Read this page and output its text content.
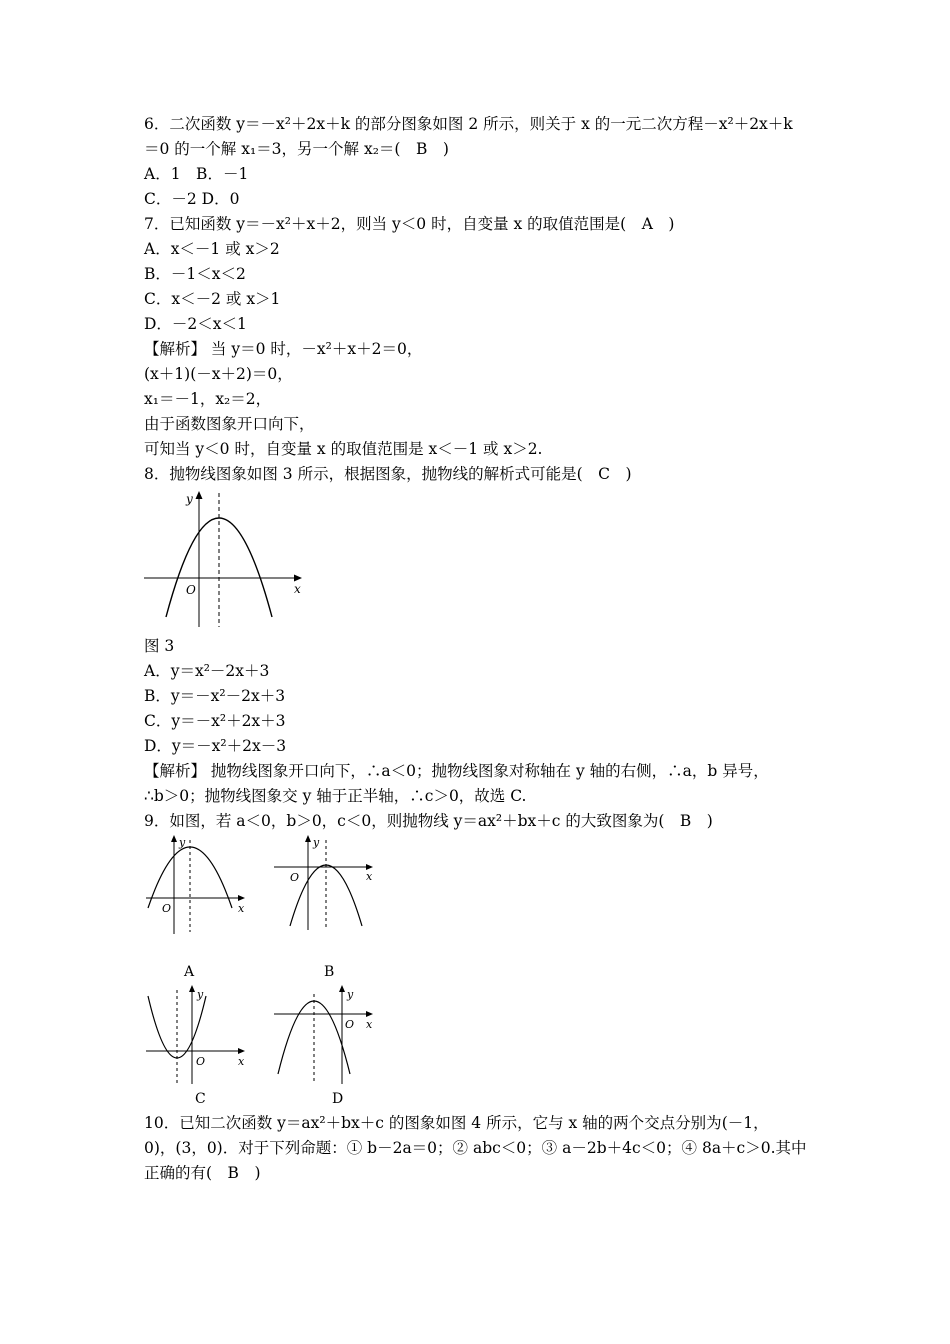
6．二次函数 y＝－x²＋2x＋k 的部分图象如图 2 所示，则关于 x 的一元二次方程－x²＋2x＋k
＝0 的一个解 x₁＝3，另一个解 x₂＝(　B　)
A．1　B．－1
C．－2 D．0
7．已知函数 y＝－x²＋x＋2，则当 y＜0 时，自变量 x 的取值范围是(　A　)
A．x＜－1 或 x＞2
B．－1＜x＜2
C．x＜－2 或 x＞1
D．－2＜x＜1
【解析】 当 y＝0 时，－x²＋x＋2＝0，
(x＋1)(－x＋2)＝0，
x₁＝－1，x₂＝2，
由于函数图象开口向下，
可知当 y＜0 时，自变量 x 的取值范围是 x＜－1 或 x＞2.
8．抛物线图象如图 3 所示，根据图象，抛物线的解析式可能是(　C　)
y
x
O
图 3
A．y＝x²－2x＋3
B．y＝－x²－2x＋3
C．y＝－x²＋2x＋3
D．y＝－x²＋2x－3
【解析】 抛物线图象开口向下，∴a＜0；抛物线图象对称轴在 y 轴的右侧，∴a，b 异号，
∴b＞0；抛物线图象交 y 轴于正半轴，∴c＞0，故选 C.
9．如图，若 a＜0，b＞0，c＜0，则抛物线 y＝ax²＋bx＋c 的大致图象为(　B　)
y
x
O
A
y
x
O
C
y
x
O
B
y
x
O
D
10．已知二次函数 y＝ax²＋bx＋c 的图象如图 4 所示，它与 x 轴的两个交点分别为(－1，
0)，(3，0)．对于下列命题：① b－2a＝0；② abc＜0；③ a－2b＋4c＜0；④ 8a＋c＞0.其中
正确的有(　B　)
